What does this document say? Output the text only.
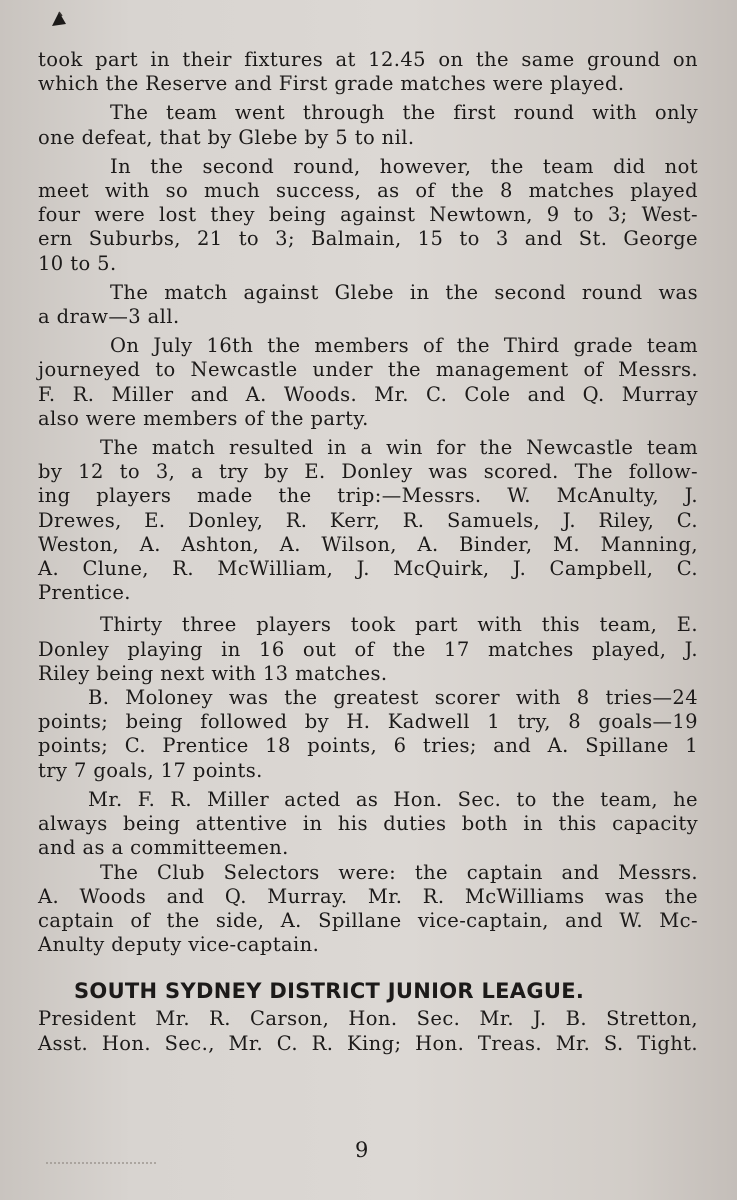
took part in their fixtures at 12.45 on the same ground on
which the Reserve and First grade matches were played.

The team went through the first round with only
one defeat, that by Glebe by 5 to nil.

In the second round, however, the team did not
meet with so much success, as of the 8 matches played
four were lost they being against Newtown, 9 to 3; West-
ern Suburbs, 21 to 3; Balmain, 15 to 3 and St. George
10 to 5.

The match against Glebe in the second round was
a draw—3 all.

On July 16th the members of the Third grade team
journeyed to Newcastle under the management of Messrs.
F. R. Miller and A. Woods. Mr. C. Cole and Q. Murray
also were members of the party.

The match resulted in a win for the Newcastle team
by 12 to 3, a try by E. Donley was scored. The follow-
ing players made the trip:—Messrs. W. McAnulty, J.
Drewes, E. Donley, R. Kerr, R. Samuels, J. Riley, C.
Weston, A. Ashton, A. Wilson, A. Binder, M. Manning,
A. Clune, R. McWilliam, J. McQuirk, J. Campbell, C.
Prentice.

Thirty three players took part with this team, E.
Donley playing in 16 out of the 17 matches played, J.
Riley being next with 13 matches.

B. Moloney was the greatest scorer with 8 tries—24
points; being followed by H. Kadwell 1 try, 8 goals—19
points; C. Prentice 18 points, 6 tries; and A. Spillane 1
try 7 goals, 17 points.

Mr. F. R. Miller acted as Hon. Sec. to the team, he
always being attentive in his duties both in this capacity
and as a committeemen.

The Club Selectors were: the captain and Messrs.
A. Woods and Q. Murray. Mr. R. McWilliams was the
captain of the side, A. Spillane vice-captain, and W. Mc-
Anulty deputy vice-captain.

SOUTH SYDNEY DISTRICT JUNIOR LEAGUE.

President Mr. R. Carson, Hon. Sec. Mr. J. B. Stretton,
Asst. Hon. Sec., Mr. C. R. King; Hon. Treas. Mr. S. Tight.

9
